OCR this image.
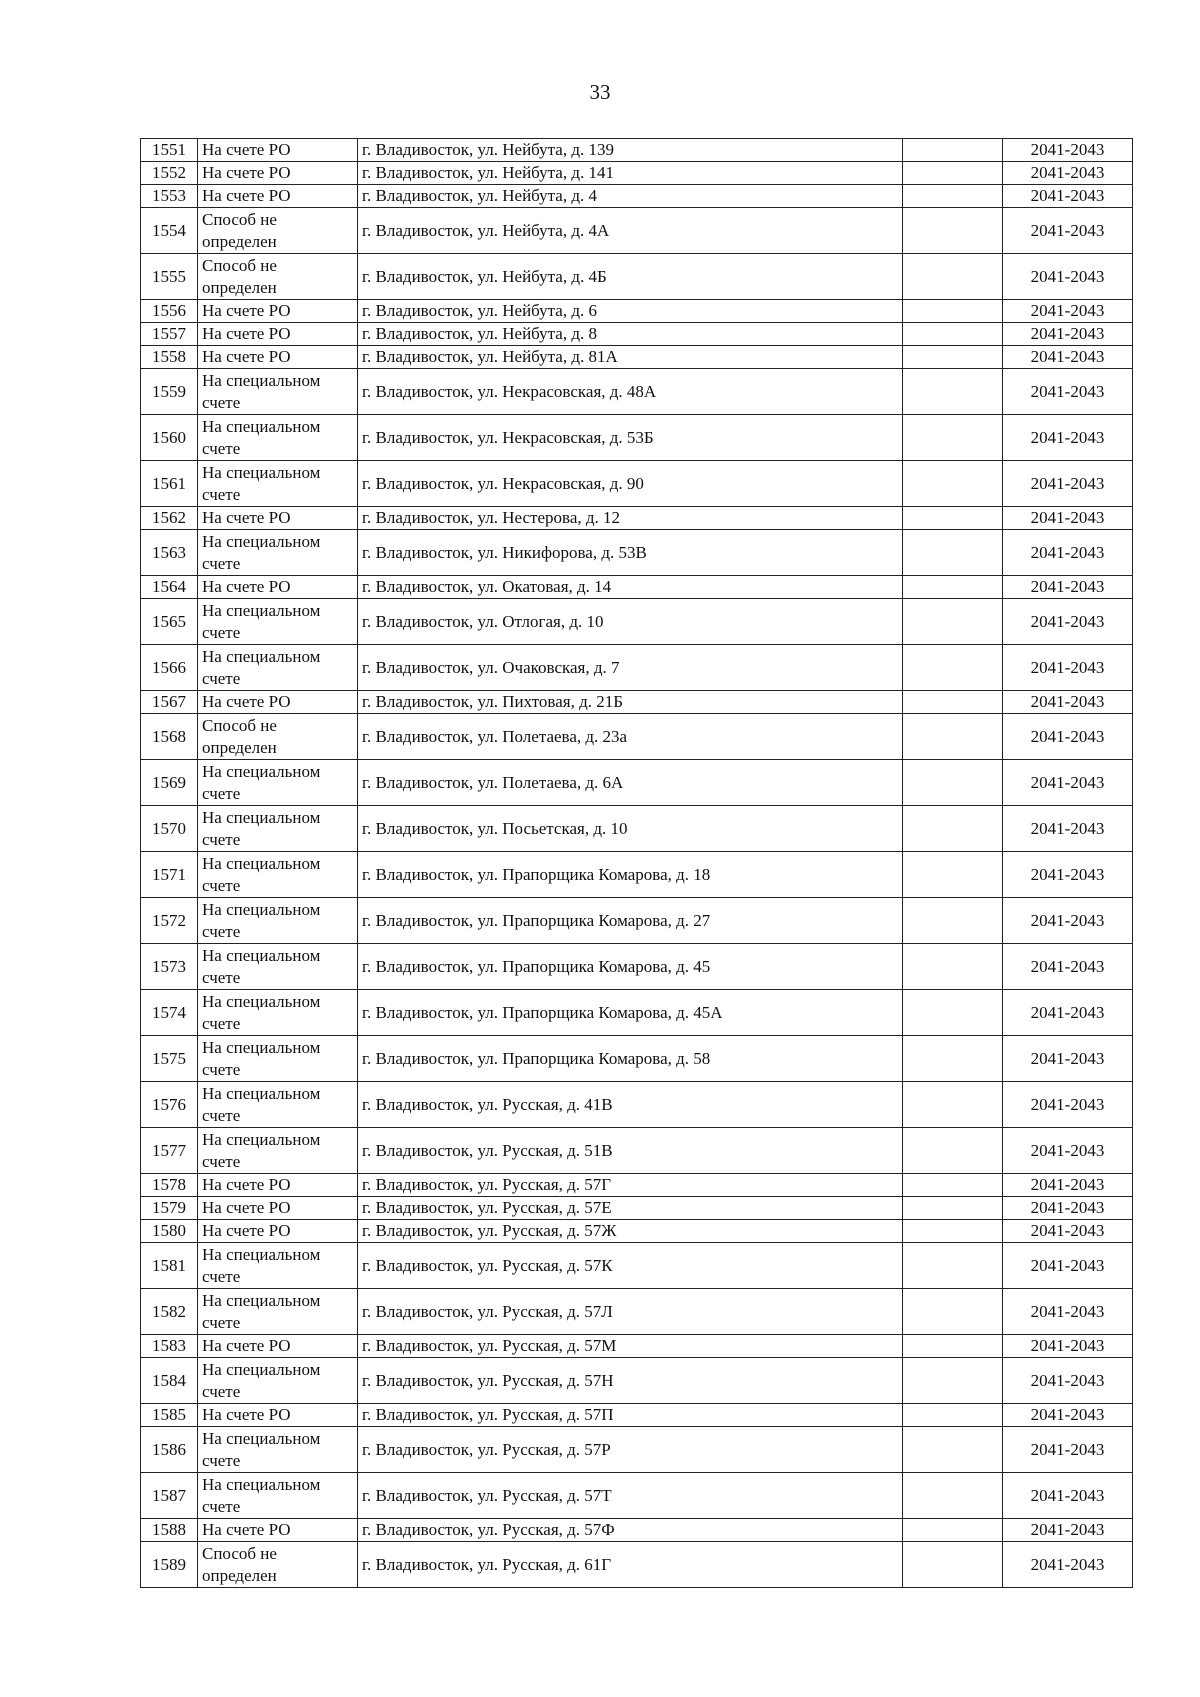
33
1551	На счете РО	г. Владивосток, ул. Нейбута, д. 139		2041-2043
1552	На счете РО	г. Владивосток, ул. Нейбута, д. 141		2041-2043
1553	На счете РО	г. Владивосток, ул. Нейбута, д. 4		2041-2043
1554	Способ не определен	г. Владивосток, ул. Нейбута, д. 4А		2041-2043
1555	Способ не определен	г. Владивосток, ул. Нейбута, д. 4Б		2041-2043
1556	На счете РО	г. Владивосток, ул. Нейбута, д. 6		2041-2043
1557	На счете РО	г. Владивосток, ул. Нейбута, д. 8		2041-2043
1558	На счете РО	г. Владивосток, ул. Нейбута, д. 81А		2041-2043
1559	На специальном счете	г. Владивосток, ул. Некрасовская, д. 48А		2041-2043
1560	На специальном счете	г. Владивосток, ул. Некрасовская, д. 53Б		2041-2043
1561	На специальном счете	г. Владивосток, ул. Некрасовская, д. 90		2041-2043
1562	На счете РО	г. Владивосток, ул. Нестерова, д. 12		2041-2043
1563	На специальном счете	г. Владивосток, ул. Никифорова, д. 53В		2041-2043
1564	На счете РО	г. Владивосток, ул. Окатовая, д. 14		2041-2043
1565	На специальном счете	г. Владивосток, ул. Отлогая, д. 10		2041-2043
1566	На специальном счете	г. Владивосток, ул. Очаковская, д. 7		2041-2043
1567	На счете РО	г. Владивосток, ул. Пихтовая, д. 21Б		2041-2043
1568	Способ не определен	г. Владивосток, ул. Полетаева, д. 23а		2041-2043
1569	На специальном счете	г. Владивосток, ул. Полетаева, д. 6А		2041-2043
1570	На специальном счете	г. Владивосток, ул. Посьетская, д. 10		2041-2043
1571	На специальном счете	г. Владивосток, ул. Прапорщика Комарова, д. 18		2041-2043
1572	На специальном счете	г. Владивосток, ул. Прапорщика Комарова, д. 27		2041-2043
1573	На специальном счете	г. Владивосток, ул. Прапорщика Комарова, д. 45		2041-2043
1574	На специальном счете	г. Владивосток, ул. Прапорщика Комарова, д. 45А		2041-2043
1575	На специальном счете	г. Владивосток, ул. Прапорщика Комарова, д. 58		2041-2043
1576	На специальном счете	г. Владивосток, ул. Русская, д. 41В		2041-2043
1577	На специальном счете	г. Владивосток, ул. Русская, д. 51В		2041-2043
1578	На счете РО	г. Владивосток, ул. Русская, д. 57Г		2041-2043
1579	На счете РО	г. Владивосток, ул. Русская, д. 57Е		2041-2043
1580	На счете РО	г. Владивосток, ул. Русская, д. 57Ж		2041-2043
1581	На специальном счете	г. Владивосток, ул. Русская, д. 57К		2041-2043
1582	На специальном счете	г. Владивосток, ул. Русская, д. 57Л		2041-2043
1583	На счете РО	г. Владивосток, ул. Русская, д. 57М		2041-2043
1584	На специальном счете	г. Владивосток, ул. Русская, д. 57Н		2041-2043
1585	На счете РО	г. Владивосток, ул. Русская, д. 57П		2041-2043
1586	На специальном счете	г. Владивосток, ул. Русская, д. 57Р		2041-2043
1587	На специальном счете	г. Владивосток, ул. Русская, д. 57Т		2041-2043
1588	На счете РО	г. Владивосток, ул. Русская, д. 57Ф		2041-2043
1589	Способ не определен	г. Владивосток, ул. Русская, д. 61Г		2041-2043
